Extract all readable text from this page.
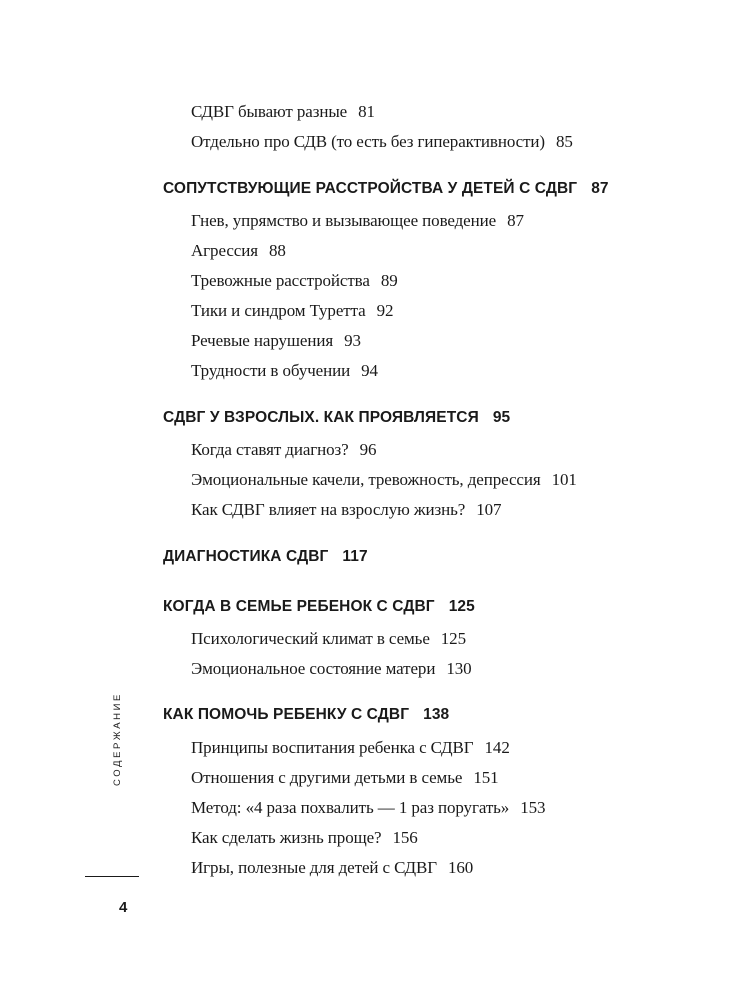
СДВГ бывают разные 81
Отдельно про СДВ (то есть без гиперактивности) 85
СОПУТСТВУЮЩИЕ РАССТРОЙСТВА У ДЕТЕЙ С СДВГ 87
Гнев, упрямство и вызывающее поведение 87
Агрессия 88
Тревожные расстройства 89
Тики и синдром Туретта 92
Речевые нарушения 93
Трудности в обучении 94
СДВГ У ВЗРОСЛЫХ. КАК ПРОЯВЛЯЕТСЯ 95
Когда ставят диагноз? 96
Эмоциональные качели, тревожность, депрессия 101
Как СДВГ влияет на взрослую жизнь? 107
ДИАГНОСТИКА СДВГ 117
КОГДА В СЕМЬЕ РЕБЕНОК С СДВГ 125
Психологический климат в семье 125
Эмоциональное состояние матери 130
КАК ПОМОЧЬ РЕБЕНКУ С СДВГ 138
Принципы воспитания ребенка с СДВГ 142
Отношения с другими детьми в семье 151
Метод: «4 раза похвалить — 1 раз поругать» 153
Как сделать жизнь проще? 156
Игры, полезные для детей с СДВГ 160
СОДЕРЖАНИЕ
4
